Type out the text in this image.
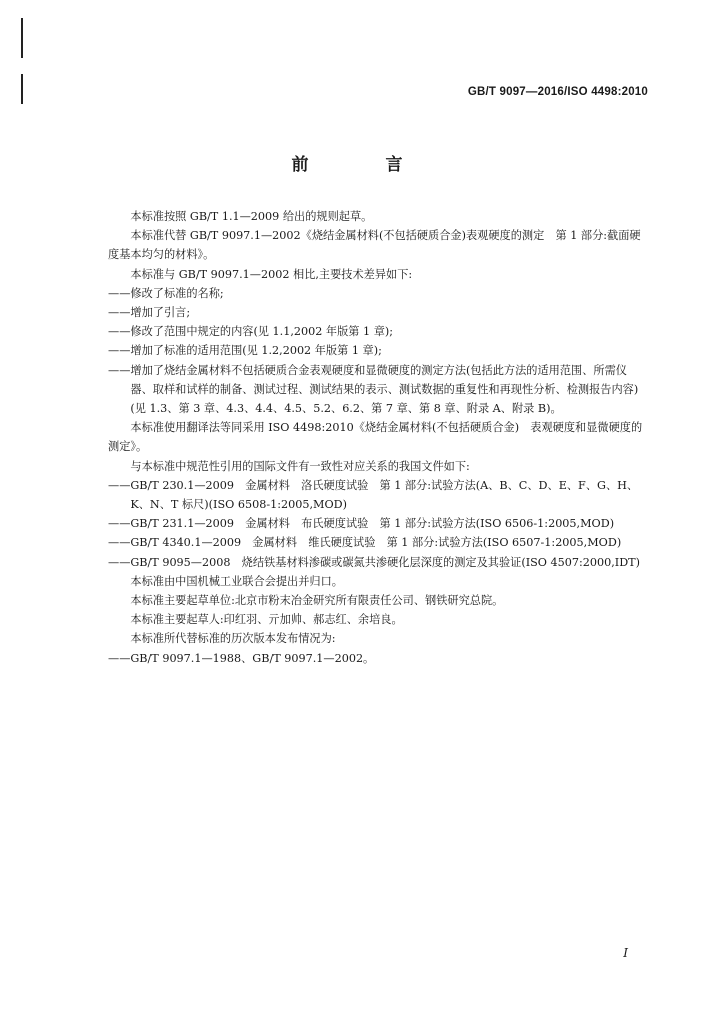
GB/T 9097—2016/ISO 4498:2010
前　言

本标准按照 GB/T 1.1—2009 给出的规则起草。

本标准代替 GB/T 9097.1—2002《烧结金属材料(不包括硬质合金)表观硬度的测定　第 1 部分:截面硬度基本均匀的材料》。

本标准与 GB/T 9097.1—2002 相比,主要技术差异如下:

——修改了标准的名称;

——增加了引言;

——修改了范围中规定的内容(见 1.1,2002 年版第 1 章);

——增加了标准的适用范围(见 1.2,2002 年版第 1 章);

——增加了烧结金属材料不包括硬质合金表观硬度和显微硬度的测定方法(包括此方法的适用范围、所需仪器、取样和试样的制备、测试过程、测试结果的表示、测试数据的重复性和再现性分析、检测报告内容)(见 1.3、第 3 章、4.3、4.4、4.5、5.2、6.2、第 7 章、第 8 章、附录 A、附录 B)。

本标准使用翻译法等同采用 ISO 4498:2010《烧结金属材料(不包括硬质合金)　表观硬度和显微硬度的测定》。

与本标准中规范性引用的国际文件有一致性对应关系的我国文件如下:

——GB/T 230.1—2009　金属材料　洛氏硬度试验　第 1 部分:试验方法(A、B、C、D、E、F、G、H、K、N、T 标尺)(ISO 6508-1:2005,MOD)

——GB/T 231.1—2009　金属材料　布氏硬度试验　第 1 部分:试验方法(ISO 6506-1:2005,MOD)

——GB/T 4340.1—2009　金属材料　维氏硬度试验　第 1 部分:试验方法(ISO 6507-1:2005,MOD)

——GB/T 9095—2008　烧结铁基材料渗碳或碳氮共渗硬化层深度的测定及其验证(ISO 4507:2000,IDT)

本标准由中国机械工业联合会提出并归口。

本标准主要起草单位:北京市粉末冶金研究所有限责任公司、钢铁研究总院。

本标准主要起草人:印红羽、亓加帅、郝志红、余培良。

本标准所代替标准的历次版本发布情况为:

——GB/T 9097.1—1988、GB/T 9097.1—2002。

I
